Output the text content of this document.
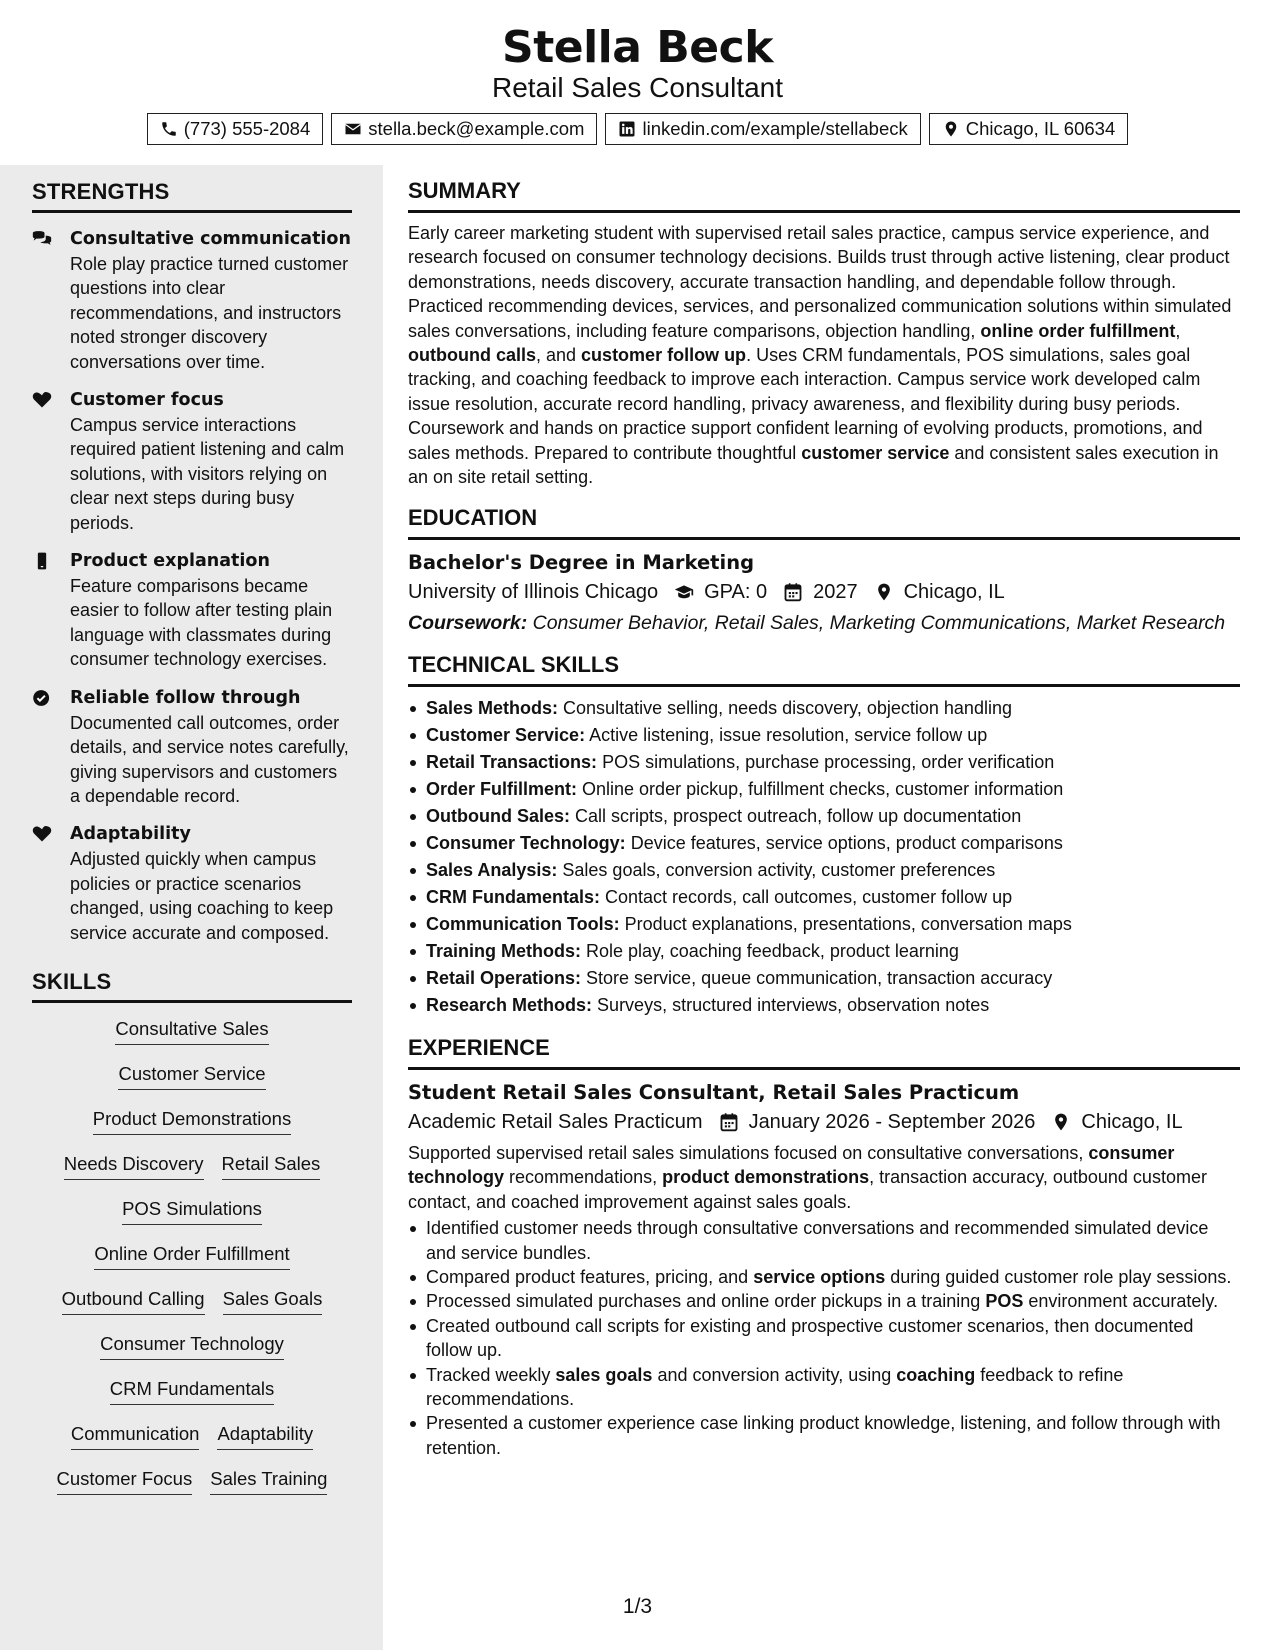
Stella Beck
Retail Sales Consultant
(773) 555-2084	stella.beck@example.com	linkedin.com/example/stellabeck	Chicago, IL 60634
STRENGTHS
Consultative communication
Role play practice turned customer questions into clear recommendations, and instructors noted stronger discovery conversations over time.
Customer focus
Campus service interactions required patient listening and calm solutions, with visitors relying on clear next steps during busy periods.
Product explanation
Feature comparisons became easier to follow after testing plain language with classmates during consumer technology exercises.
Reliable follow through
Documented call outcomes, order details, and service notes carefully, giving supervisors and customers a dependable record.
Adaptability
Adjusted quickly when campus policies or practice scenarios changed, using coaching to keep service accurate and composed.
SKILLS
Consultative Sales
Customer Service
Product Demonstrations
Needs Discovery Retail Sales
POS Simulations
Online Order Fulfillment
Outbound Calling Sales Goals
Consumer Technology
CRM Fundamentals
Communication Adaptability
Customer Focus Sales Training
SUMMARY

Early career marketing student with supervised retail sales practice, campus service experience, and research focused on consumer technology decisions. Builds trust through active listening, clear product demonstrations, needs discovery, accurate transaction handling, and dependable follow through. Practiced recommending devices, services, and personalized communication solutions within simulated sales conversations, including feature comparisons, objection handling, online order fulfillment, outbound calls, and customer follow up. Uses CRM fundamentals, POS simulations, sales goal tracking, and coaching feedback to improve each interaction. Campus service work developed calm issue resolution, accurate record handling, privacy awareness, and flexibility during busy periods. Coursework and hands on practice support confident learning of evolving products, promotions, and sales methods. Prepared to contribute thoughtful customer service and consistent sales execution in an on site retail setting.

EDUCATION
Bachelor's Degree in Marketing
University of Illinois Chicago GPA: 0 2027 Chicago, IL
Coursework: Consumer Behavior, Retail Sales, Marketing Communications, Market Research
TECHNICAL SKILLS
Sales Methods: Consultative selling, needs discovery, objection handling
Customer Service: Active listening, issue resolution, service follow up
Retail Transactions: POS simulations, purchase processing, order verification
Order Fulfillment: Online order pickup, fulfillment checks, customer information
Outbound Sales: Call scripts, prospect outreach, follow up documentation
Consumer Technology: Device features, service options, product comparisons
Sales Analysis: Sales goals, conversion activity, customer preferences
CRM Fundamentals: Contact records, call outcomes, customer follow up
Communication Tools: Product explanations, presentations, conversation maps
Training Methods: Role play, coaching feedback, product learning
Retail Operations: Store service, queue communication, transaction accuracy
Research Methods: Surveys, structured interviews, observation notes
EXPERIENCE
Student Retail Sales Consultant, Retail Sales Practicum
Academic Retail Sales Practicum January 2026 - September 2026 Chicago, IL

Supported supervised retail sales simulations focused on consultative conversations, consumer technology recommendations, product demonstrations, transaction accuracy, outbound customer contact, and coached improvement against sales goals.

Identified customer needs through consultative conversations and recommended simulated device and service bundles.
Compared product features, pricing, and service options during guided customer role play sessions.
Processed simulated purchases and online order pickups in a training POS environment accurately.
Created outbound call scripts for existing and prospective customer scenarios, then documented follow up.
Tracked weekly sales goals and conversion activity, using coaching feedback to refine recommendations.
Presented a customer experience case linking product knowledge, listening, and follow through with retention.
1/3
